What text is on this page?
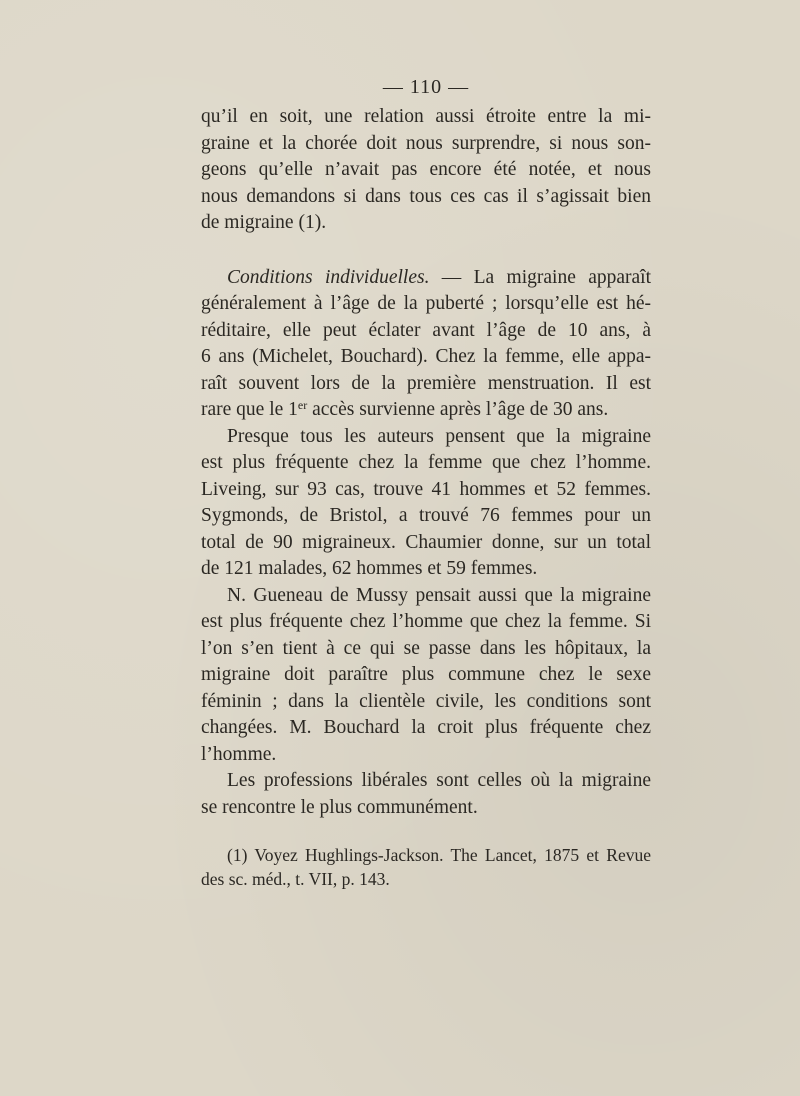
— 110 —
qu’il en soit, une relation aussi étroite entre la mi-
graine et la chorée doit nous surprendre, si nous son-
geons qu’elle n’avait pas encore été notée, et nous
nous demandons si dans tous ces cas il s’agissait bien
de migraine (1).
Conditions individuelles. — La migraine apparaît
généralement à l’âge de la puberté ; lorsqu’elle est hé-
réditaire, elle peut éclater avant l’âge de 10 ans, à
6 ans (Michelet, Bouchard). Chez la femme, elle appa-
raît souvent lors de la première menstruation. Il est
rare que le 1er accès survienne après l’âge de 30 ans.
Presque tous les auteurs pensent que la migraine
est plus fréquente chez la femme que chez l’homme.
Liveing, sur 93 cas, trouve 41 hommes et 52 femmes.
Sygmonds, de Bristol, a trouvé 76 femmes pour un
total de 90 migraineux. Chaumier donne, sur un total
de 121 malades, 62 hommes et 59 femmes.
N. Gueneau de Mussy pensait aussi que la migraine
est plus fréquente chez l’homme que chez la femme. Si
l’on s’en tient à ce qui se passe dans les hôpitaux, la
migraine doit paraître plus commune chez le sexe
féminin ; dans la clientèle civile, les conditions sont
changées. M. Bouchard la croit plus fréquente chez
l’homme.
Les professions libérales sont celles où la migraine
se rencontre le plus communément.
(1) Voyez Hughlings-Jackson. The Lancet, 1875 et Revue
des sc. méd., t. VII, p. 143.
